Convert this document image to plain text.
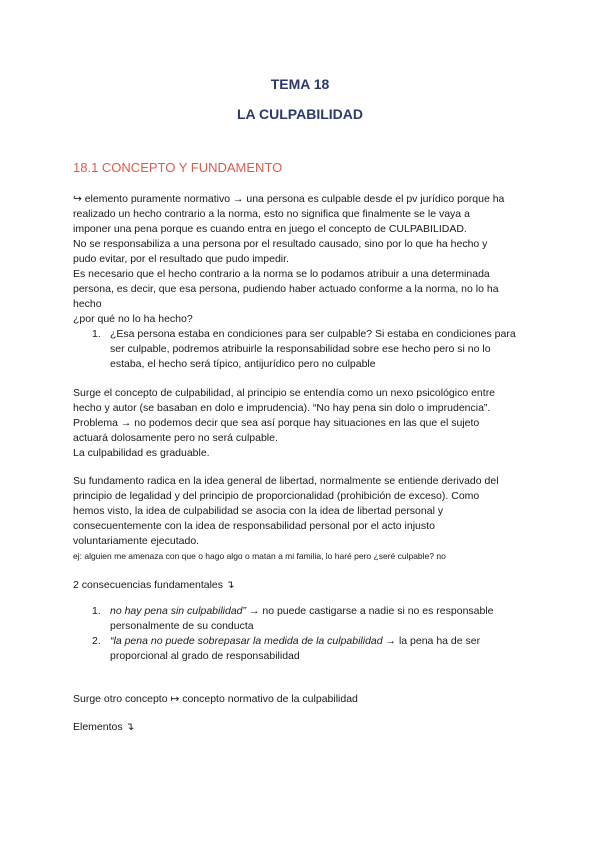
TEMA 18
LA CULPABILIDAD
18.1 CONCEPTO Y FUNDAMENTO

↪ elemento puramente normativo → una persona es culpable desde el pv jurídico porque ha

realizado un hecho contrario a la norma, esto no significa que finalmente se le vaya a

imponer una pena porque es cuando entra en juego el concepto de CULPABILIDAD.

No se responsabiliza a una persona por el resultado causado, sino por lo que ha hecho y

pudo evitar, por el resultado que pudo impedir.

Es necesario que el hecho contrario a la norma se lo podamos atribuir a una determinada

persona, es decir, que esa persona, pudiendo haber actuado conforme a la norma, no lo ha

hecho

¿por qué no lo ha hecho?

1. ¿Esa persona estaba en condiciones para ser culpable? Si estaba en condiciones para
ser culpable, podremos atribuirle la responsabilidad sobre ese hecho pero si no lo
estaba, el hecho será típico, antijurídico pero no culpable

Surge el concepto de culpabilidad, al principio se entendía como un nexo psicológico entre

hecho y autor (se basaban en dolo e imprudencia). “No hay pena sin dolo o imprudencia”.

Problema → no podemos decir que sea así porque hay situaciones en las que el sujeto

actuará dolosamente pero no será culpable.

La culpabilidad es graduable.

Su fundamento radica en la idea general de libertad, normalmente se entiende derivado del

principio de legalidad y del principio de proporcionalidad (prohibición de exceso). Como

hemos visto, la idea de culpabilidad se asocia con la idea de libertad personal y

consecuentemente con la idea de responsabilidad personal por el acto injusto

voluntariamente ejecutado.

ej: alguien me amenaza con que o hago algo o matan a mi familia, lo haré pero ¿seré culpable? no

2 consecuencias fundamentales ↴

1. no hay pena sin culpabilidad” → no puede castigarse a nadie si no es responsable
personalmente de su conducta
2. “la pena no puede sobrepasar la medida de la culpabilidad → la pena ha de ser
proporcional al grado de responsabilidad

Surge otro concepto ↦ concepto normativo de la culpabilidad

Elementos ↴
